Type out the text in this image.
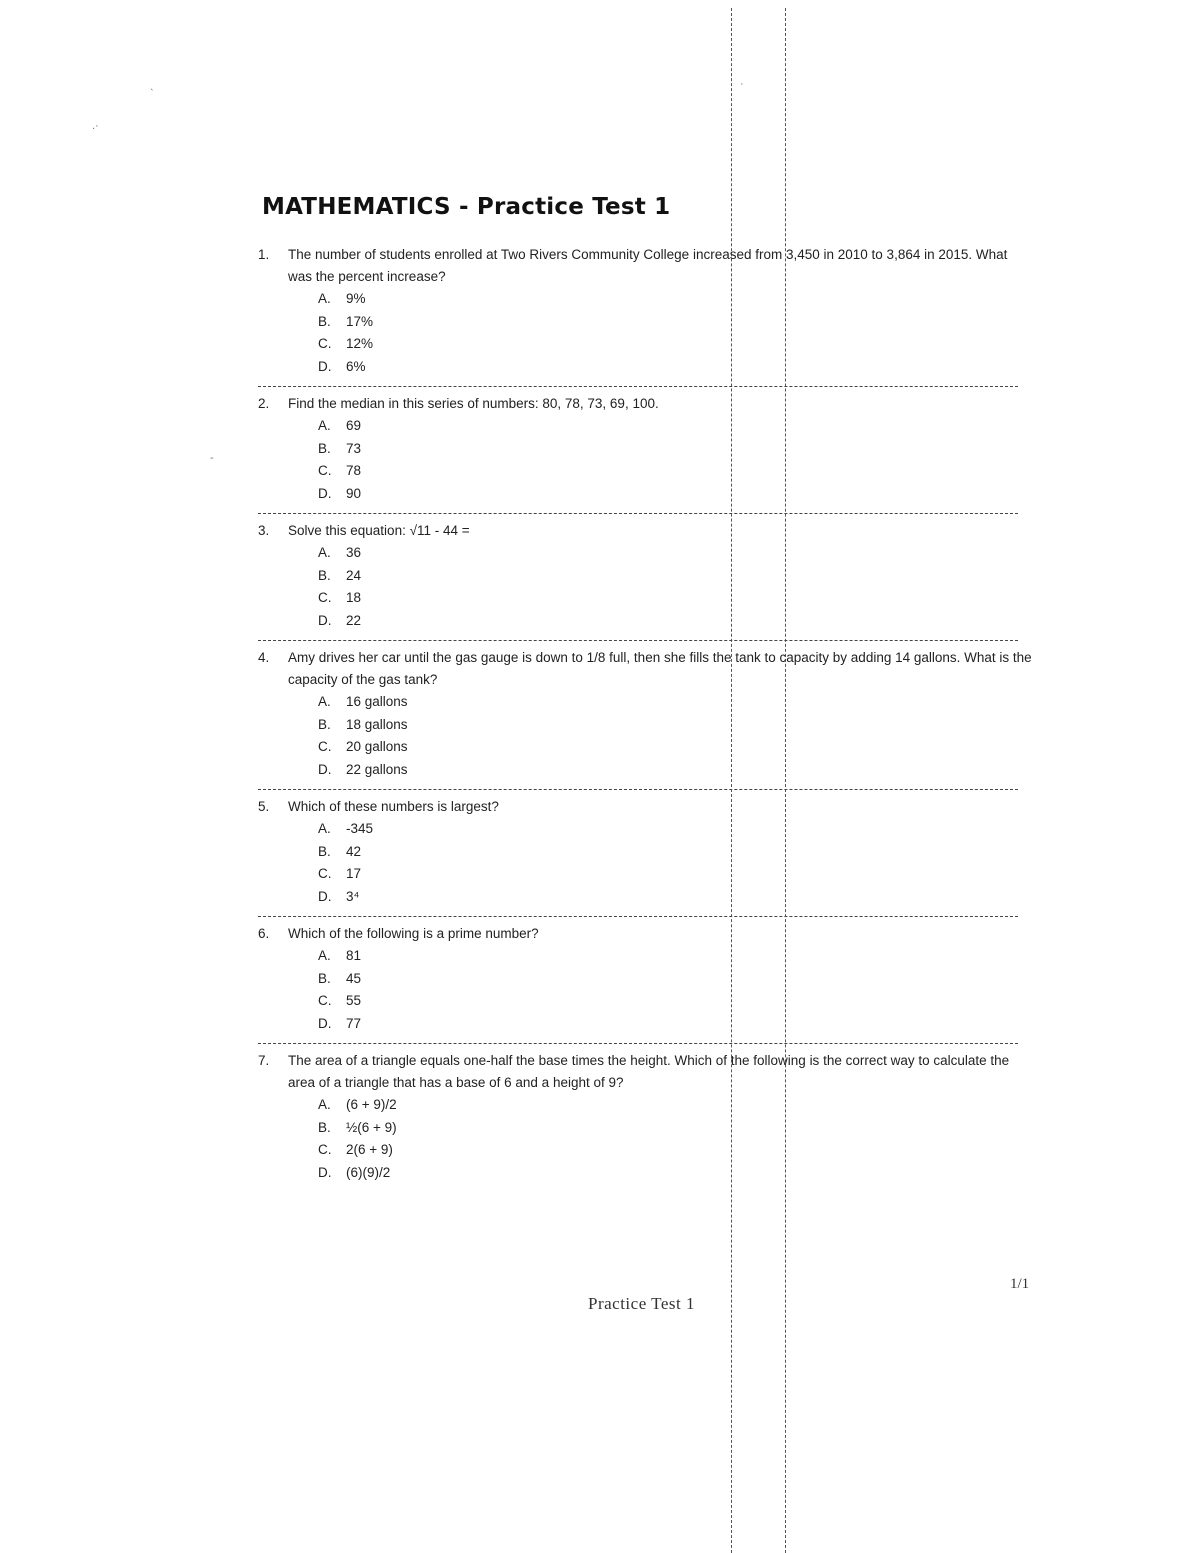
`
.·
-
·
MATHEMATICS - Practice Test 1
1.	The number of students enrolled at Two Rivers Community College increased from 3,450 in 2010 to 3,864 in 2015. What was the percent increase?
A.	9%
B.	17%
C.	12%
D.	6%
2.	Find the median in this series of numbers: 80, 78, 73, 69, 100.
A.	69
B.	73
C.	78
D.	90
3.	Solve this equation: √11 - 44 =
A.	36
B.	24
C.	18
D.	22
4.	Amy drives her car until the gas gauge is down to 1/8 full, then she fills the tank to capacity by adding 14 gallons. What is the capacity of the gas tank?
A.	16 gallons
B.	18 gallons
C.	20 gallons
D.	22 gallons
5.	Which of these numbers is largest?
A.	-345
B.	42
C.	17
D.	3⁴
6.	Which of the following is a prime number?
A.	81
B.	45
C.	55
D.	77
7.	The area of a triangle equals one-half the base times the height. Which of the following is the correct way to calculate the area of a triangle that has a base of 6 and a height of 9?
A.	(6 + 9)/2
B.	½(6 + 9)
C.	2(6 + 9)
D.	(6)(9)/2
Practice Test 1
1/1
